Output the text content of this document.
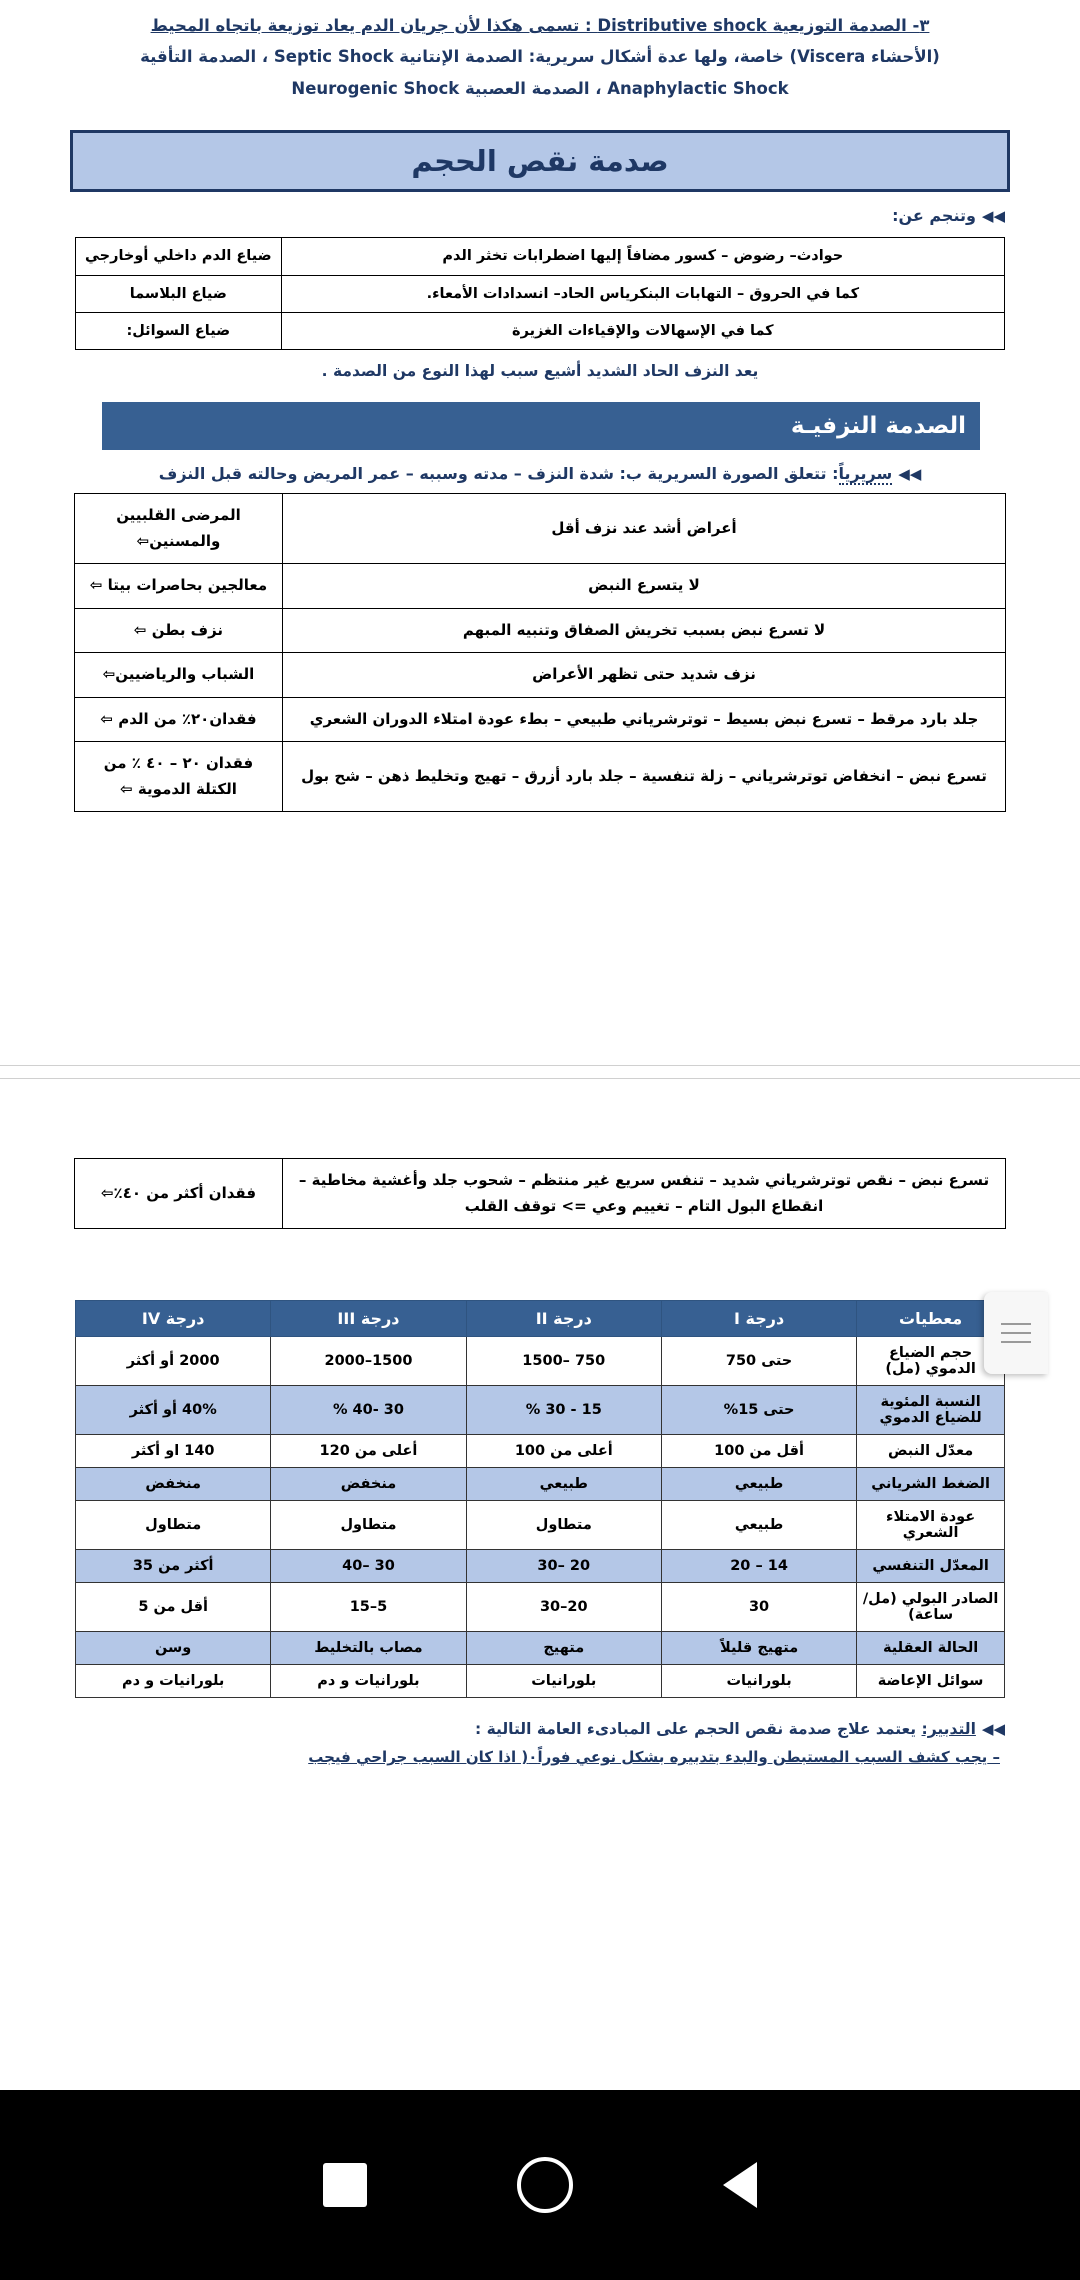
٣- الصدمة التوزيعية Distributive shock : تسمى هكذا لأن جريان الدم يعاد توزيعة باتجاه المحيط
(الأحشاء Viscera) خاصة، ولها عدة أشكال سريرية: الصدمة الإنتانية Septic Shock ، الصدمة التأقية
Anaphylactic Shock ، الصدمة العصبية Neurogenic Shock
صدمة نقص الحجم
◀◀وتنجم عن:
حوادث– رضوض – كسور مضافاً إليها اضطرابات تخثر الدم	ضياع الدم داخلي أوخارجي
كما في الحروق – التهابات البنكرياس الحاد– انسدادات الأمعاء.	ضياع البلاسما
كما في الإسهالات والإقياءات الغزيرة	ضياع السوائل:
يعد النزف الحاد الشديد أشيع سبب لهذا النوع من الصدمة .
الصدمة النزفيـة
◀◀سريرياً: تتعلق الصورة السريرية ب: شدة النزف – مدته وسببه – عمر المريض وحالته قبل النزف
أعراض أشد عند نزف أقل	المرضى القلبيين والمسنين⇦
لا يتسرع النبض	معالجين بحاصرات بيتا ⇦
لا تسرع نبض بسبب تخريش الصفاق وتنبيه المبهم	نزف بطن ⇦
نزف شديد حتى تظهر الأعراض	الشباب والرياضيين⇦
جلد بارد مرقط – تسرع نبض بسيط – توترشرياني طبيعي – بطء عودة امتلاء الدوران الشعري	فقدان٢٠٪ من الدم ⇦
تسرع نبض – انخفاض توترشرياني – زلة تنفسية – جلد بارد أزرق – تهيج وتخليط ذهن – شح بول	فقدان ٢٠ – ٤٠ ٪ من الكتلة الدموية ⇦
تسرع نبض – نقص توترشرياني شديد – تنفس سريع غير منتظم – شحوب جلد وأغشية مخاطية – انقطاع البول التام – تغييم وعي => توقف القلب	فقدان أكثر من ٤٠٪⇦
معطيات	درجة I	درجة II	درجة III	درجة IV
حجم الضياع الدموي (مل)	حتى 750	750 –1500	1500–2000	2000 أو أكثر
النسبة المئوية للضياع الدموي	حتى 15%	15 - 30 %	30 -40 %	40% أو أكثر
معدّل النبض	أقل من 100	أعلى من 100	أعلى من 120	140 او أكثر
الضغط الشرياني	طبيعي	طبيعي	منخفض	منخفض
عودة الامتلاء الشعري	طبيعي	متطاول	متطاول	متطاول
المعدّل التنفسي	14 – 20	20 –30	30 –40	أكثر من 35
الصادر البولي (مل/ساعة)	30	20–30	5–15	أقل من 5
الحالة العقلية	متهيج قليلاً	متهيج	مصاب بالتخليط	وسن
سوائل الإعاضة	بلورانيات	بلورانيات	بلورانيات و دم	بلورانيات و دم
◀◀التدبير: يعتمد علاج صدمة نقص الحجم على المبادىء العامة التالية :
– يجب كشف السبب المستبطن والبدء بتدبيره بشكل نوعي فوراً٠( اذا كان السبب جراحي فيجب
